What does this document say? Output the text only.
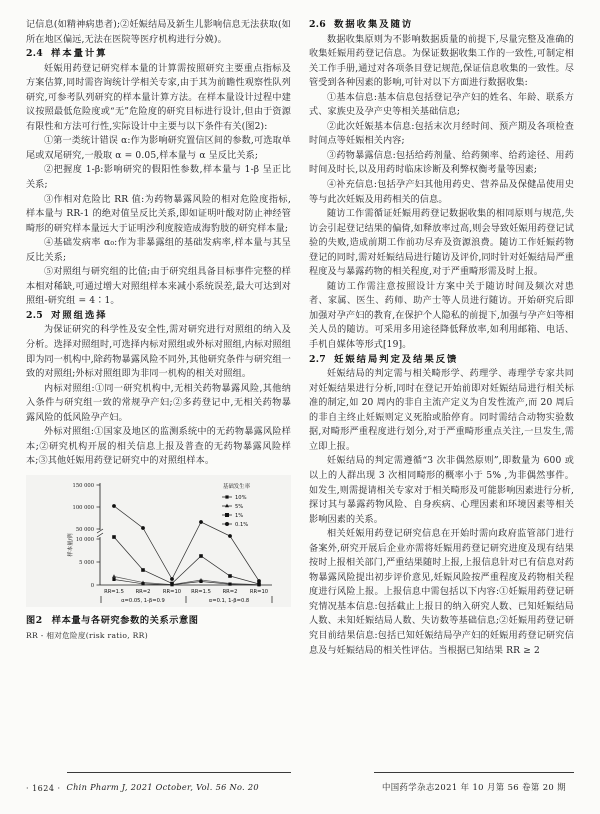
记信息(如精神病患者);②妊娠结局及新生儿影响信息无法获取(如所在地区偏远,无法在医院等医疗机构进行分娩)。

2.4 样本量计算

妊娠用药登记研究样本量的计算需按照研究主要重点指标及方案估算,同时需咨询统计学相关专家,由于其为前瞻性观察性队列研究,可参考队列研究的样本量计算方法。在样本量设计过程中建议按照最低危险度或“无”危险度的研究目标进行设计,但由于资源有限性和方法可行性,实际设计中主要与以下条件有关(图2):

①第一类统计错误 α:作为影响研究置信区间的参数,可选取单尾或双尾研究,一般取 α = 0.05,样本量与 α 呈反比关系;

②把握度 1-β:影响研究的假阳性参数,样本量与 1-β 呈正比关系;

③作相对危险比 RR 值:为药物暴露风险的相对危险度指标,样本量与 RR-1 的绝对值呈反比关系,即如证明叶酸对防止神经管畸形的研究样本量远大于证明沙利度胺造成海豹肢的研究样本量;

④基础发病率 α₀:作为非暴露组的基础发病率,样本量与其呈反比关系;

⑤对照组与研究组的比值;由于研究组具备目标事件完整的样本相对稀缺,可通过增大对照组样本来减小系统误差,最大可达到对照组-研究组 = 4∶1。

2.5 对照组选择

为保证研究的科学性及安全性,需对研究进行对照组的纳入及分析。选择对照组时,可选择内标对照组或外标对照组,内标对照组即为同一机构中,除药物暴露风险不同外,其他研究条件与研究组一致的对照组;外标对照组即为非同一机构的相关对照组。

内标对照组:①同一研究机构中,无相关药物暴露风险,其他纳入条件与研究组一致的常规孕产妇;②多药登记中,无相关药物暴露风险的低风险孕产妇。

外标对照组:①国家及地区的监测系统中的无药物暴露风险样本;②研究机构开展的相关信息上报及普查的无药物暴露风险样本;③其他妊娠用药登记研究中的对照组样本。

150 000
100 000
50 000
10 000
5 000
0
样本量/例
基础发生率
10%
5%
1%
0.1%
RR=1.5 RR=2 RR=10 RR=1.5 RR=2 RR=10
α=0.05, 1-β=0.9	α=0.1, 1-β=0.8
图2 样本量与各研究参数的关系示意图
RR - 相对危险度(risk ratio, RR)
2.6 数据收集及随访

数据收集原则为不影响数据质量的前提下,尽量完整及准确的收集妊娠用药登记信息。为保证数据收集工作的一致性,可制定相关工作手册,通过对各项条目登记规范,保证信息收集的一致性。尽管受到各种因素的影响,可针对以下方面进行数据收集:

①基本信息:基本信息包括登记孕产妇的姓名、年龄、联系方式、家族史及孕产史等相关基础信息;

②此次妊娠基本信息:包括末次月经时间、预产期及各项检查时间点等妊娠相关内容;

③药物暴露信息:包括给药剂量、给药频率、给药途径、用药时间及时长,以及用药时临床诊断及利弊权衡考量等因素;

④补充信息:包括孕产妇其他用药史、营养品及保健品使用史等与此次妊娠及用药相关的信息。

随访工作需循证妊娠用药登记数据收集的相同原则与规范,失访会引起登记结果的偏倚,如释放率过高,则会导致妊娠用药登记试验的失败,造成前期工作前功尽弃及资源浪费。随访工作妊娠药物登记的同时,需对妊娠结局进行随访及评价,同时针对妊娠结局严重程度及与暴露药物的相关程度,对于严重畸形需及时上报。

随访工作需注意按照设计方案中关于随访时间及频次对患者、家属、医生、药师、助产士等人员进行随访。开始研究后即加强对孕产妇的教育,在保护个人隐私的前提下,加强与孕产妇等相关人员的随访。可采用多用途径降低释放率,如利用邮箱、电话、手机自媒体等形式[19]。

2.7 妊娠结局判定及结果反馈

妊娠结局的判定需与相关畸形学、药理学、毒理学专家共同对妊娠结果进行分析,同时在登记开始前即对妊娠结局进行相关标准的制定,如 20 周内的非自主流产定义为自发性流产,而 20 周后的非自主终止妊娠则定义死胎或胎停育。同时需结合动物实验数据,对畸形严重程度进行划分,对于严重畸形重点关注,一旦发生,需立即上报。

妊娠结局的判定需遵循“3 次非偶然原则”,即数量为 600 或以上的人群出现 3 次相同畸形的概率小于 5% ,为非偶然事件。如发生,则需提请相关专家对于相关畸形及可能影响因素进行分析,探讨其与暴露药物风险、自身疾病、心理因素和环境因素等相关影响因素的关系。

相关妊娠用药登记研究信息在开始时需向政府监管部门进行备案外,研究开展后企业亦需将妊娠用药登记研究进度及现有结果按时上报相关部门,严重结果随时上报,上报信息针对已有信息对药物暴露风险提出初步评价意见,妊娠风险按严重程度及药物相关程度进行风险上报。上报信息中需包括以下内容:①妊娠用药登记研究情况基本信息:包括截止上报日的纳入研究人数、已知妊娠结局人数、未知妊娠结局人数、失访数等基础信息;②妊娠用药登记研究目前结果信息:包括已知妊娠结局孕产妇的妊娠用药登记研究信息及与妊娠结局的相关性评估。当根据已知结果 RR ≥ 2

· 1624 · Chin Pharm J, 2021 October, Vol. 56 No. 20	中国药学杂志2021 年 10 月第 56 卷第 20 期
